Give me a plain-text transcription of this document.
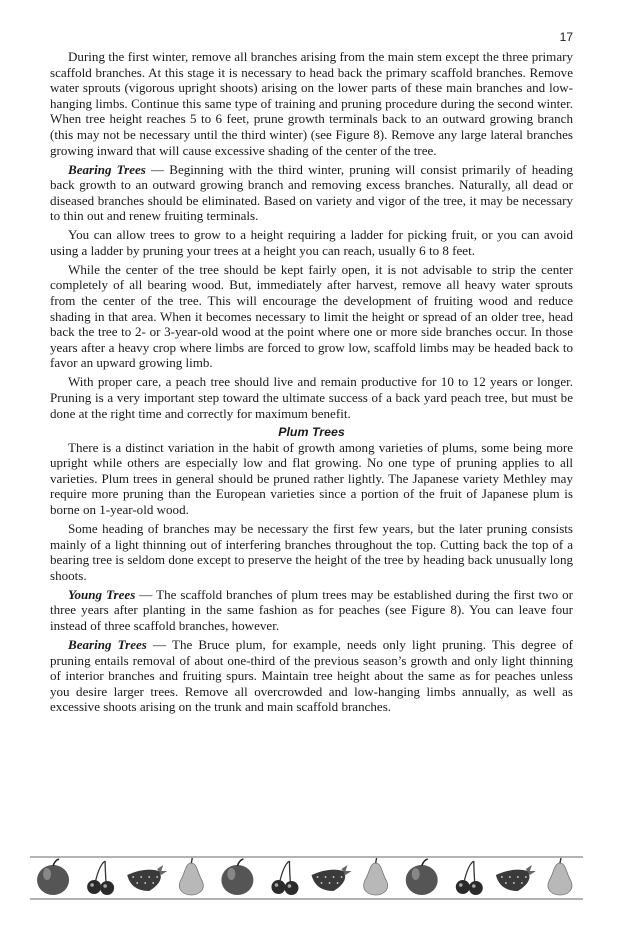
17

During the first winter, remove all branches arising from the main stem except the three primary scaffold branches. At this stage it is necessary to head back the primary scaffold branches. Remove water sprouts (vigorous upright shoots) arising on the lower parts of these main branches and low-hanging limbs. Continue this same type of training and pruning procedure during the second winter. When tree height reaches 5 to 6 feet, prune growth terminals back to an outward growing branch (this may not be necessary until the third winter) (see Figure 8). Remove any large lateral branches growing inward that will cause excessive shading of the center of the tree.

Bearing Trees — Beginning with the third winter, pruning will consist primarily of heading back growth to an outward growing branch and removing excess branches. Naturally, all dead or diseased branches should be eliminated. Based on variety and vigor of the tree, it may be necessary to thin out and renew fruiting terminals.

You can allow trees to grow to a height requiring a ladder for picking fruit, or you can avoid using a ladder by pruning your trees at a height you can reach, usually 6 to 8 feet.

While the center of the tree should be kept fairly open, it is not advisable to strip the center completely of all bearing wood. But, immediately after harvest, remove all heavy water sprouts from the center of the tree. This will encourage the development of fruiting wood and reduce shading in that area. When it becomes necessary to limit the height or spread of an older tree, head back the tree to 2- or 3-year-old wood at the point where one or more side branches occur. In those years after a heavy crop where limbs are forced to grow low, scaffold limbs may be headed back to favor an upward growing limb.

With proper care, a peach tree should live and remain productive for 10 to 12 years or longer. Pruning is a very important step toward the ultimate success of a back yard peach tree, but must be done at the right time and correctly for maximum benefit.

Plum Trees

There is a distinct variation in the habit of growth among varieties of plums, some being more upright while others are especially low and flat growing. No one type of pruning applies to all varieties. Plum trees in general should be pruned rather lightly. The Japanese variety Methley may require more pruning than the European varieties since a portion of the fruit of Japanese plum is borne on 1-year-old wood.

Some heading of branches may be necessary the first few years, but the later pruning consists mainly of a light thinning out of interfering branches throughout the top. Cutting back the top of a bearing tree is seldom done except to preserve the height of the tree by heading back unusually long shoots.

Young Trees — The scaffold branches of plum trees may be established during the first two or three years after planting in the same fashion as for peaches (see Figure 8). You can leave four instead of three scaffold branches, however.

Bearing Trees — The Bruce plum, for example, needs only light pruning. This degree of pruning entails removal of about one-third of the previous season’s growth and only light thinning of interior branches and fruiting spurs. Maintain tree height about the same as for peaches unless you desire larger trees. Remove all overcrowded and low-hanging limbs annually, as well as excessive shoots arising on the trunk and main scaffold branches.
